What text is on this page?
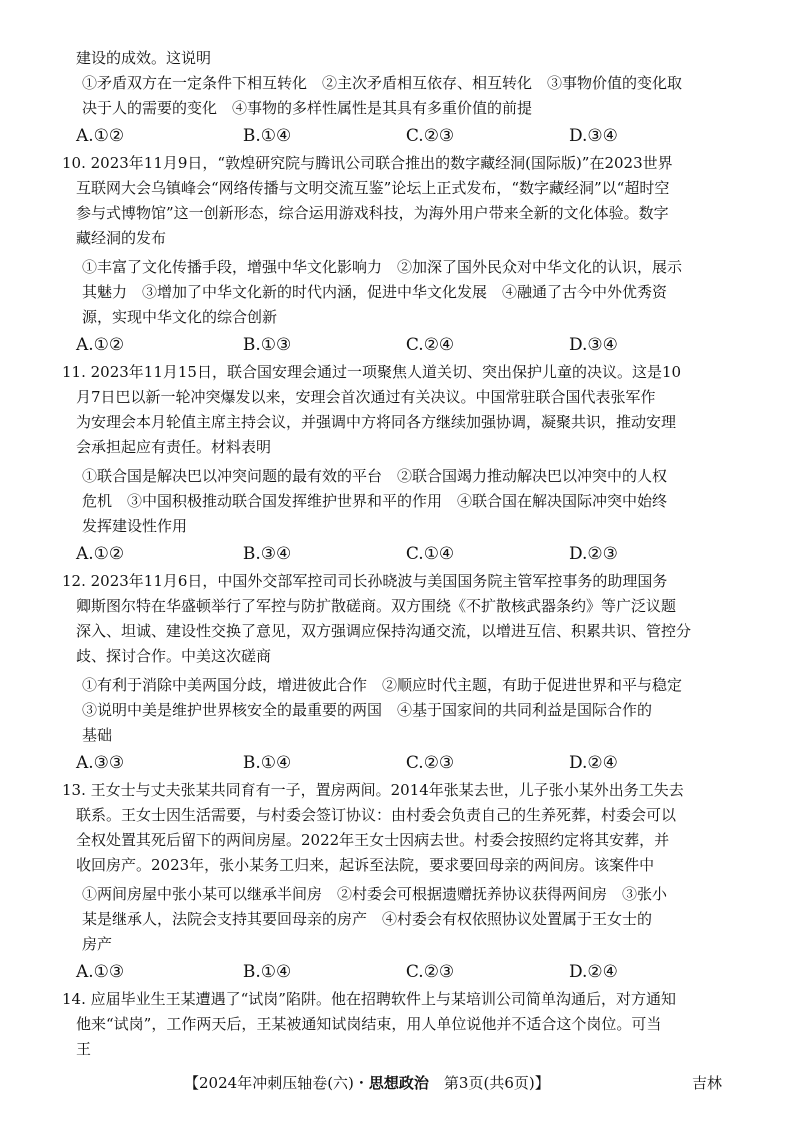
建设的成效。这说明
①矛盾双方在一定条件下相互转化　②主次矛盾相互依存、相互转化　③事物价值的变化取
决于人的需要的变化　④事物的多样性属性是其具有多重价值的前提
A.①②	B.①④	C.②③	D.③④
10. 2023年11月9日，“敦煌研究院与腾讯公司联合推出的数字藏经洞(国际版)”在2023世界
互联网大会乌镇峰会“网络传播与文明交流互鉴”论坛上正式发布，“数字藏经洞”以“超时空
参与式博物馆”这一创新形态，综合运用游戏科技，为海外用户带来全新的文化体验。数字
藏经洞的发布
①丰富了文化传播手段，增强中华文化影响力　②加深了国外民众对中华文化的认识，展示
其魅力　③增加了中华文化新的时代内涵，促进中华文化发展　④融通了古今中外优秀资
源，实现中华文化的综合创新
A.①②	B.①③	C.②④	D.③④
11. 2023年11月15日，联合国安理会通过一项聚焦人道关切、突出保护儿童的决议。这是10
月7日巴以新一轮冲突爆发以来，安理会首次通过有关决议。中国常驻联合国代表张军作
为安理会本月轮值主席主持会议，并强调中方将同各方继续加强协调，凝聚共识，推动安理
会承担起应有责任。材料表明
①联合国是解决巴以冲突问题的最有效的平台　②联合国竭力推动解决巴以冲突中的人权
危机　③中国积极推动联合国发挥维护世界和平的作用　④联合国在解决国际冲突中始终
发挥建设性作用
A.①②	B.③④	C.①④	D.②③
12. 2023年11月6日，中国外交部军控司司长孙晓波与美国国务院主管军控事务的助理国务
卿斯图尔特在华盛顿举行了军控与防扩散磋商。双方围绕《不扩散核武器条约》等广泛议题
深入、坦诚、建设性交换了意见，双方强调应保持沟通交流，以增进互信、积累共识、管控分
歧、探讨合作。中美这次磋商
①有利于消除中美两国分歧，增进彼此合作　②顺应时代主题，有助于促进世界和平与稳定
③说明中美是维护世界核安全的最重要的两国　④基于国家间的共同利益是国际合作的
基础
A.③③	B.①④	C.②③	D.②④
13. 王女士与丈夫张某共同育有一子，置房两间。2014年张某去世，儿子张小某外出务工失去
联系。王女士因生活需要，与村委会签订协议：由村委会负责自己的生养死葬，村委会可以
全权处置其死后留下的两间房屋。2022年王女士因病去世。村委会按照约定将其安葬，并
收回房产。2023年，张小某务工归来，起诉至法院，要求要回母亲的两间房。该案件中
①两间房屋中张小某可以继承半间房　②村委会可根据遗赠抚养协议获得两间房　③张小
某是继承人，法院会支持其要回母亲的房产　④村委会有权依照协议处置属于王女士的
房产
A.①③	B.①④	C.②③	D.②④
14. 应届毕业生王某遭遇了“试岗”陷阱。他在招聘软件上与某培训公司简单沟通后，对方通知
他来“试岗”，工作两天后，王某被通知试岗结束，用人单位说他并不适合这个岗位。可当
王
【2024年冲刺压轴卷(六)・思想政治　第3页(共6页)】	吉林
